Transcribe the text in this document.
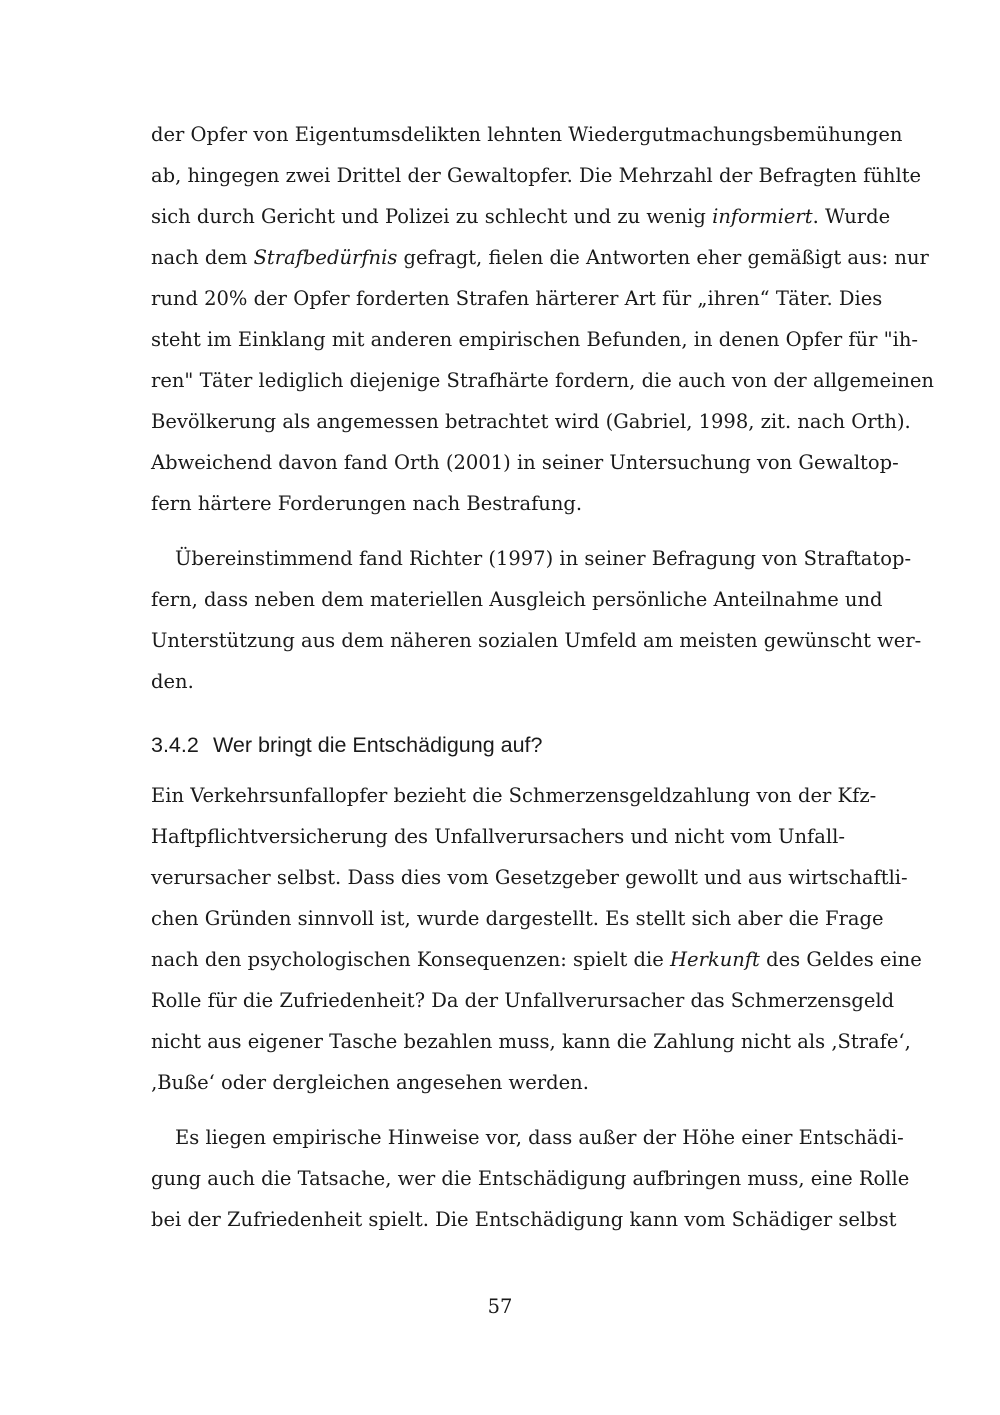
der Opfer von Eigentumsdelikten lehnten Wiedergutmachungsbemühungen
ab, hingegen zwei Drittel der Gewaltopfer. Die Mehrzahl der Befragten fühlte
sich durch Gericht und Polizei zu schlecht und zu wenig informiert. Wurde
nach dem Strafbedürfnis gefragt, fielen die Antworten eher gemäßigt aus: nur
rund 20% der Opfer forderten Strafen härterer Art für „ihren“ Täter. Dies
steht im Einklang mit anderen empirischen Befunden, in denen Opfer für "ih-
ren" Täter lediglich diejenige Strafhärte fordern, die auch von der allgemeinen
Bevölkerung als angemessen betrachtet wird (Gabriel, 1998, zit. nach Orth).
Abweichend davon fand Orth (2001) in seiner Untersuchung von Gewaltop-
fern härtere Forderungen nach Bestrafung.
Übereinstimmend fand Richter (1997) in seiner Befragung von Straftatop-
fern, dass neben dem materiellen Ausgleich persönliche Anteilnahme und
Unterstützung aus dem näheren sozialen Umfeld am meisten gewünscht wer-
den.
3.4.2 Wer bringt die Entschädigung auf?
Ein Verkehrsunfallopfer bezieht die Schmerzensgeldzahlung von der Kfz-
Haftpflichtversicherung des Unfallverursachers und nicht vom Unfall-
verursacher selbst. Dass dies vom Gesetzgeber gewollt und aus wirtschaftli-
chen Gründen sinnvoll ist, wurde dargestellt. Es stellt sich aber die Frage
nach den psychologischen Konsequenzen: spielt die Herkunft des Geldes eine
Rolle für die Zufriedenheit? Da der Unfallverursacher das Schmerzensgeld
nicht aus eigener Tasche bezahlen muss, kann die Zahlung nicht als ‚Strafe‘,
‚Buße‘ oder dergleichen angesehen werden.
Es liegen empirische Hinweise vor, dass außer der Höhe einer Entschädi-
gung auch die Tatsache, wer die Entschädigung aufbringen muss, eine Rolle
bei der Zufriedenheit spielt. Die Entschädigung kann vom Schädiger selbst
57
